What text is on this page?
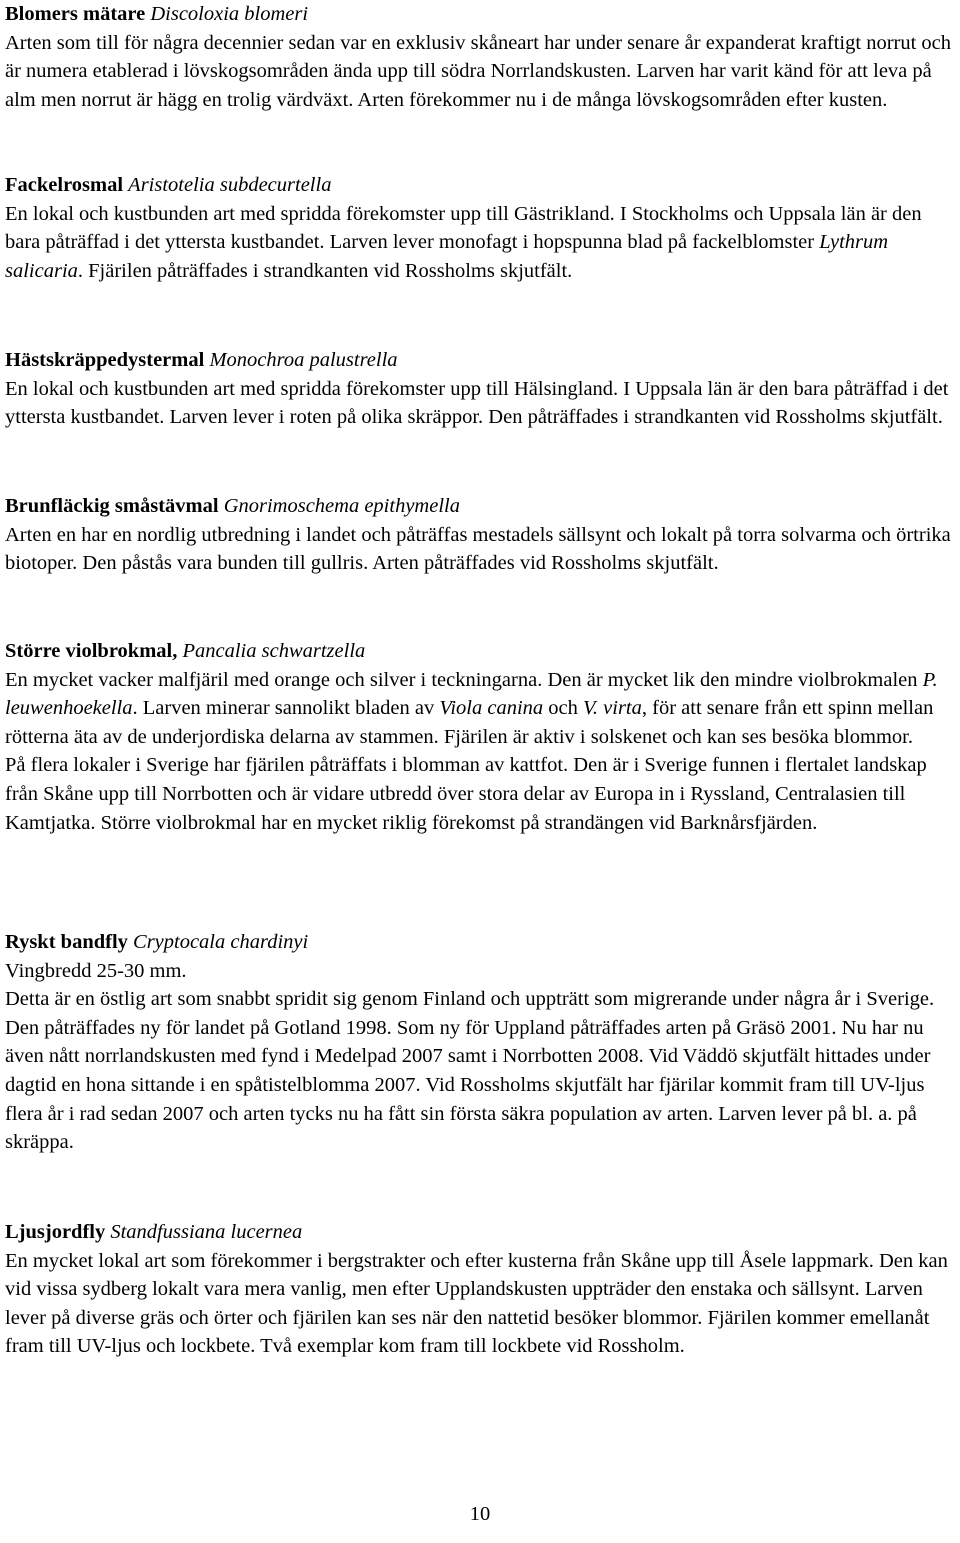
Blomers mätare Discoloxia blomeri

Arten som till för några decennier sedan var en exklusiv skåneart har under senare år expanderat kraftigt norrut och är numera etablerad i lövskogsområden ända upp till södra Norrlandskusten. Larven har varit känd för att leva på alm men norrut är hägg en trolig värdväxt. Arten förekommer nu i de många lövskogsområden efter kusten.

Fackelrosmal Aristotelia subdecurtella

En lokal och kustbunden art med spridda förekomster upp till Gästrikland. I Stockholms och Uppsala län är den bara påträffad i det yttersta kustbandet. Larven lever monofagt i hopspunna blad på fackelblomster Lythrum salicaria. Fjärilen påträffades i strandkanten vid Rossholms skjutfält.

Hästskräppedystermal Monochroa palustrella

En lokal och kustbunden art med spridda förekomster upp till Hälsingland. I Uppsala län är den bara påträffad i det yttersta kustbandet. Larven lever i roten på olika skräppor. Den påträffades i strandkanten vid Rossholms skjutfält.

Brunfläckig småstävmal Gnorimoschema epithymella

Arten en har en nordlig utbredning i landet och påträffas mestadels sällsynt och lokalt på torra solvarma och örtrika biotoper. Den påstås vara bunden till gullris. Arten påträffades vid Rossholms skjutfält.

Större violbrokmal, Pancalia schwartzella

En mycket vacker malfjäril med orange och silver i teckningarna. Den är mycket lik den mindre violbrokmalen P. leuwenhoekella. Larven minerar sannolikt bladen av Viola canina och V. virta, för att senare från ett spinn mellan rötterna äta av de underjordiska delarna av stammen. Fjärilen är aktiv i solskenet och kan ses besöka blommor.

På flera lokaler i Sverige har fjärilen påträffats i blomman av kattfot. Den är i Sverige funnen i flertalet landskap från Skåne upp till Norrbotten och är vidare utbredd över stora delar av Europa in i Ryssland, Centralasien till Kamtjatka. Större violbrokmal har en mycket riklig förekomst på strandängen vid Barknårsfjärden.

Ryskt bandfly Cryptocala chardinyi

Vingbredd 25-30 mm.

Detta är en östlig art som snabbt spridit sig genom Finland och uppträtt som migrerande under några år i Sverige. Den påträffades ny för landet på Gotland 1998. Som ny för Uppland påträffades arten på Gräsö 2001. Nu har nu även nått norrlandskusten med fynd i Medelpad 2007 samt i Norrbotten 2008. Vid Väddö skjutfält hittades under dagtid en hona sittande i en spåtistelblomma 2007. Vid Rossholms skjutfält har fjärilar kommit fram till UV-ljus flera år i rad sedan 2007 och arten tycks nu ha fått sin första säkra population av arten. Larven lever på bl. a. på skräppa.

Ljusjordfly Standfussiana lucernea

En mycket lokal art som förekommer i bergstrakter och efter kusterna från Skåne upp till Åsele lappmark. Den kan vid vissa sydberg lokalt vara mera vanlig, men efter Upplandskusten uppträder den enstaka och sällsynt. Larven lever på diverse gräs och örter och fjärilen kan ses när den nattetid besöker blommor. Fjärilen kommer emellanåt fram till UV-ljus och lockbete. Två exemplar kom fram till lockbete vid Rossholm.

10
